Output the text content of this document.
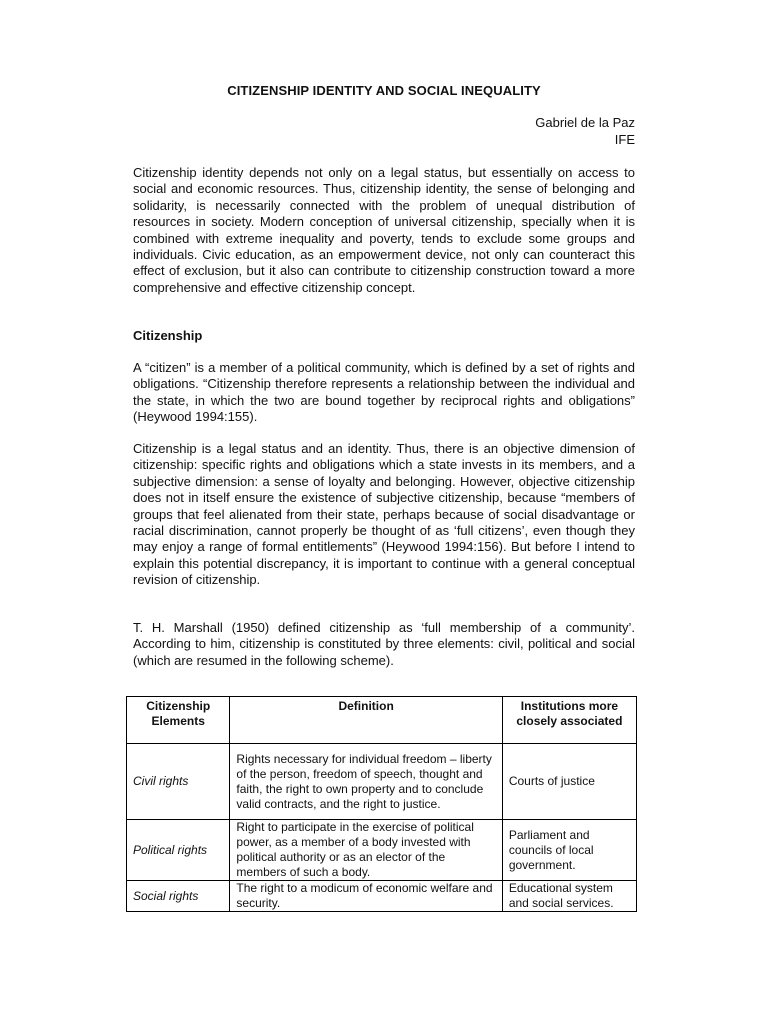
CITIZENSHIP IDENTITY AND SOCIAL INEQUALITY
Gabriel de la Paz
IFE

Citizenship identity depends not only on a legal status, but essentially on access to social and economic resources. Thus, citizenship identity, the sense of belonging and solidarity, is necessarily connected with the problem of unequal distribution of resources in society. Modern conception of universal citizenship, specially when it is combined with extreme inequality and poverty, tends to exclude some groups and individuals. Civic education, as an empowerment device, not only can counteract this effect of exclusion, but it also can contribute to citizenship construction toward a more comprehensive and effective citizenship concept.

Citizenship

A “citizen” is a member of a political community, which is defined by a set of rights and obligations. “Citizenship therefore represents a relationship between the individual and the state, in which the two are bound together by reciprocal rights and obligations” (Heywood 1994:155).

Citizenship is a legal status and an identity. Thus, there is an objective dimension of citizenship: specific rights and obligations which a state invests in its members, and a subjective dimension: a sense of loyalty and belonging. However, objective citizenship does not in itself ensure the existence of subjective citizenship, because “members of groups that feel alienated from their state, perhaps because of social disadvantage or racial discrimination, cannot properly be thought of as ‘full citizens’, even though they may enjoy a range of formal entitlements” (Heywood 1994:156). But before I intend to explain this potential discrepancy, it is important to continue with a general conceptual revision of citizenship.

T. H. Marshall (1950) defined citizenship as ‘full membership of a community’. According to him, citizenship is constituted by three elements: civil, political and social (which are resumed in the following scheme).

Citizenship Elements	Definition	Institutions more closely associated
Civil rights	Rights necessary for individual freedom – liberty of the person, freedom of speech, thought and faith, the right to own property and to conclude valid contracts, and the right to justice.	Courts of justice
Political rights	Right to participate in the exercise of political power, as a member of a body invested with political authority or as an elector of the members of such a body.	Parliament and councils of local government.
Social rights	The right to a modicum of economic welfare and security.	Educational system and social services.
